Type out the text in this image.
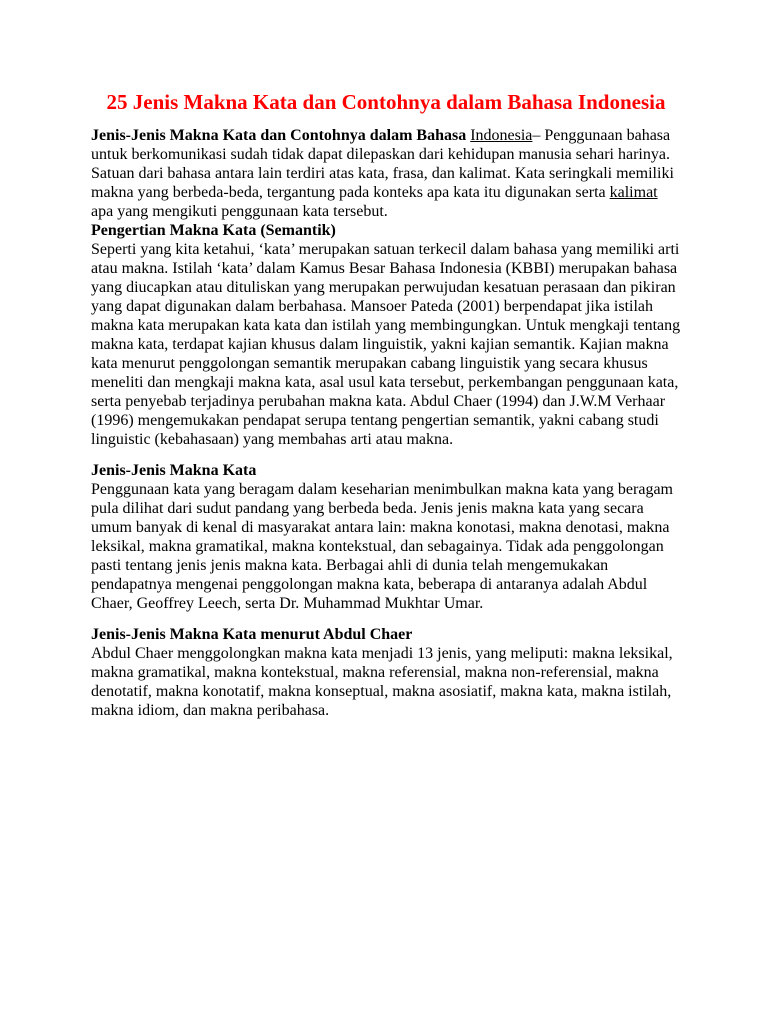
25 Jenis Makna Kata dan Contohnya dalam Bahasa Indonesia

Jenis-Jenis Makna Kata dan Contohnya dalam Bahasa Indonesia– Penggunaan bahasa untuk berkomunikasi sudah tidak dapat dilepaskan dari kehidupan manusia sehari harinya. Satuan dari bahasa antara lain terdiri atas kata, frasa, dan kalimat. Kata seringkali memiliki makna yang berbeda-beda, tergantung pada konteks apa kata itu digunakan serta kalimat apa yang mengikuti penggunaan kata tersebut.

Pengertian Makna Kata (Semantik)

Seperti yang kita ketahui, ‘kata’ merupakan satuan terkecil dalam bahasa yang memiliki arti atau makna. Istilah ‘kata’ dalam Kamus Besar Bahasa Indonesia (KBBI) merupakan bahasa yang diucapkan atau dituliskan yang merupakan perwujudan kesatuan perasaan dan pikiran yang dapat digunakan dalam berbahasa. Mansoer Pateda (2001) berpendapat jika istilah makna kata merupakan kata kata dan istilah yang membingungkan. Untuk mengkaji tentang makna kata, terdapat kajian khusus dalam linguistik, yakni kajian semantik. Kajian makna kata menurut penggolongan semantik merupakan cabang linguistik yang secara khusus meneliti dan mengkaji makna kata, asal usul kata tersebut, perkembangan penggunaan kata, serta penyebab terjadinya perubahan makna kata. Abdul Chaer (1994) dan J.W.M Verhaar (1996) mengemukakan pendapat serupa tentang pengertian semantik, yakni cabang studi linguistic (kebahasaan) yang membahas arti atau makna.

Jenis-Jenis Makna Kata

Penggunaan kata yang beragam dalam keseharian menimbulkan makna kata yang beragam pula dilihat dari sudut pandang yang berbeda beda. Jenis jenis makna kata yang secara umum banyak di kenal di masyarakat antara lain: makna konotasi, makna denotasi, makna leksikal, makna gramatikal, makna kontekstual, dan sebagainya. Tidak ada penggolongan pasti tentang jenis jenis makna kata. Berbagai ahli di dunia telah mengemukakan pendapatnya mengenai penggolongan makna kata, beberapa di antaranya adalah Abdul Chaer, Geoffrey Leech, serta Dr. Muhammad Mukhtar Umar.

Jenis-Jenis Makna Kata menurut Abdul Chaer

Abdul Chaer menggolongkan makna kata menjadi 13 jenis, yang meliputi: makna leksikal, makna gramatikal, makna kontekstual, makna referensial, makna non-referensial, makna denotatif, makna konotatif, makna konseptual, makna asosiatif, makna kata, makna istilah, makna idiom, dan makna peribahasa.
